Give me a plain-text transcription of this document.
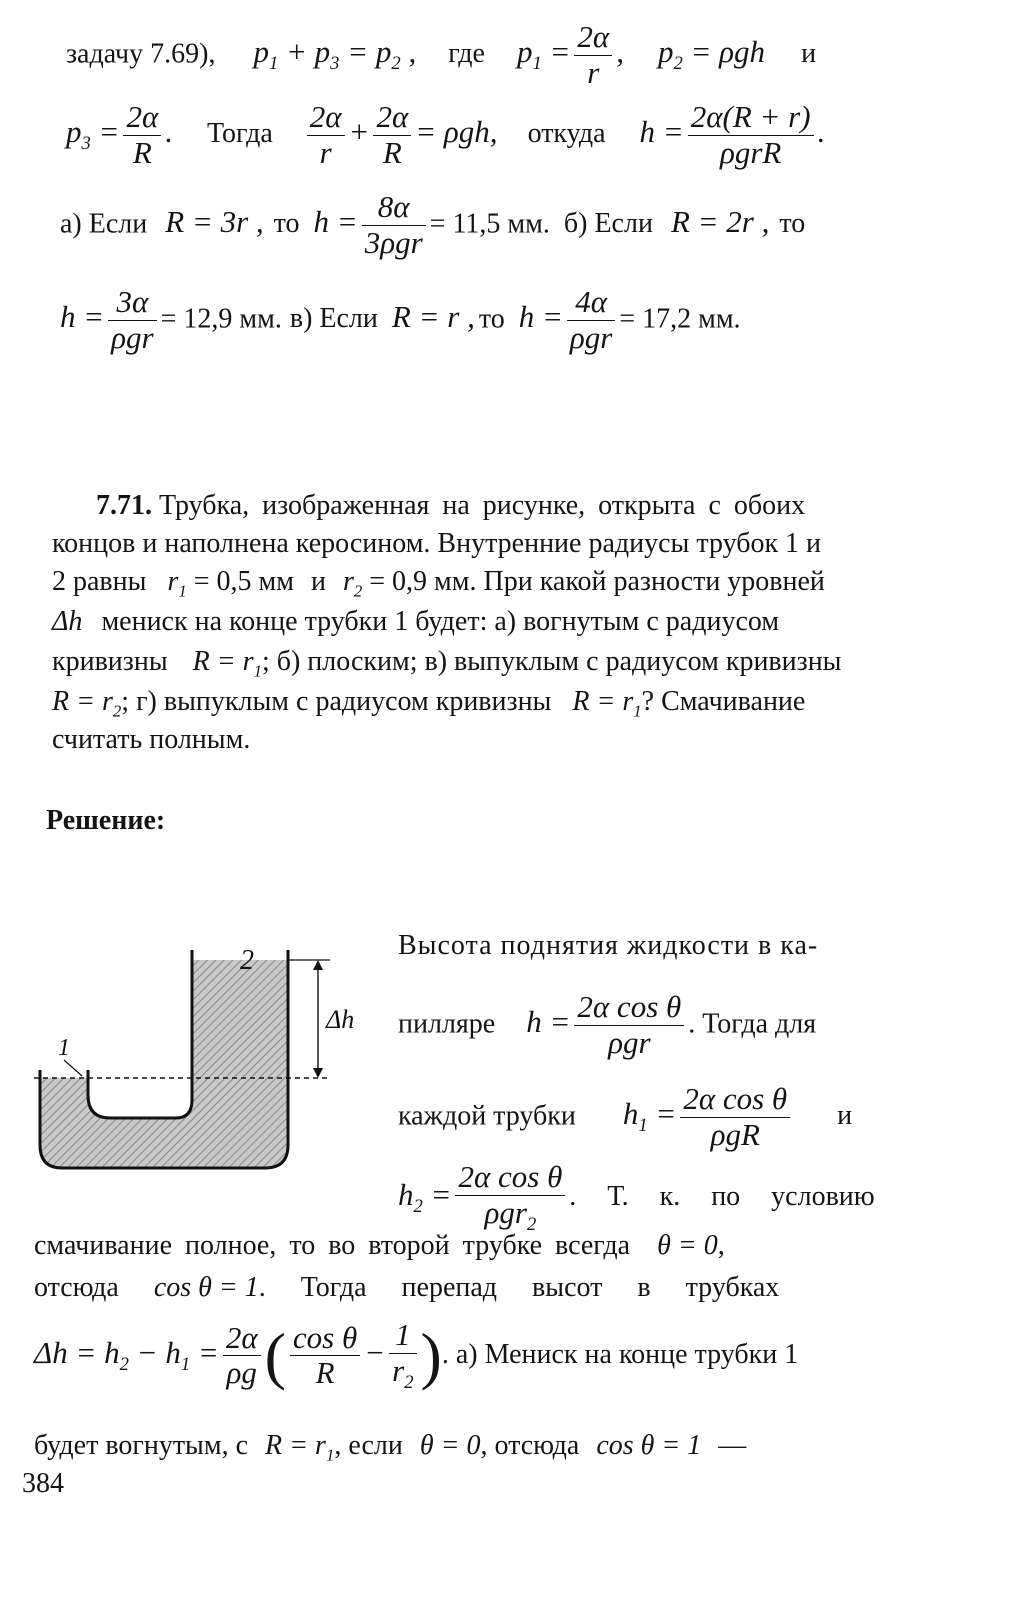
задачу 7.69), $p_1 + p_3 = p_2$ , где $p_1 = \frac{2\alpha}{r}$ , $p_2 = \rho gh$ и
$p_3 = \frac{2\alpha}{R}$ . Тогда $\frac{2\alpha}{r} + \frac{2\alpha}{R} = \rho gh$, откуда h = 2α(R + r)
ρgrR
.
а) Если R = 3r , то h = 8α
3ρgr
= 11,5 мм. б) Если R = 2r , то
h = 3α
ρgr
= 12,9 мм. в) Если R = r , то h = 4α
ρgr
= 17,2 мм.
7.71. Трубка, изображенная на рисунке, открыта с обоих
концов и наполнена керосином. Внутренние радиусы трубок 1 и
2 равны $r_1 = 0,5$ мм и $r_2 = 0,9$ мм. При какой разности уровней
Δh мениск на конце трубки 1 будет: а) вогнутым с радиусом
кривизны $R = r_1$; б) плоским; в) выпуклым с радиусом кривизны
$R = r_2$; г) выпуклым с радиусом кривизны $R = r_1$? Смачивание
считать полным.
Решение:
1
Δh
2	Высота поднятия жидкости в ка-
пилляре h = 2α cos θ
ρgr
. Тогда для
каждой трубки $h_1 = 2\alpha$ cos θ
ρgR
и
$h_2$ =
2α cos θ
ρgr$_2$
. Т. к. по условию
смачивание полное, то во второй трубке всегда θ = 0,
отсюда cos θ = 1. Тогда перепад высот в трубках
$\Delta h = h_2 - h_1 = \frac{2\alpha}{\rho g}$ ( $\frac{\text{cos θ}}{R} - \frac{1}{r_2}$ ). а) Мениск на конце трубки 1
будет вогнутым, с $R = r_1$, если θ = 0, отсюда cos θ = 1 —
384
